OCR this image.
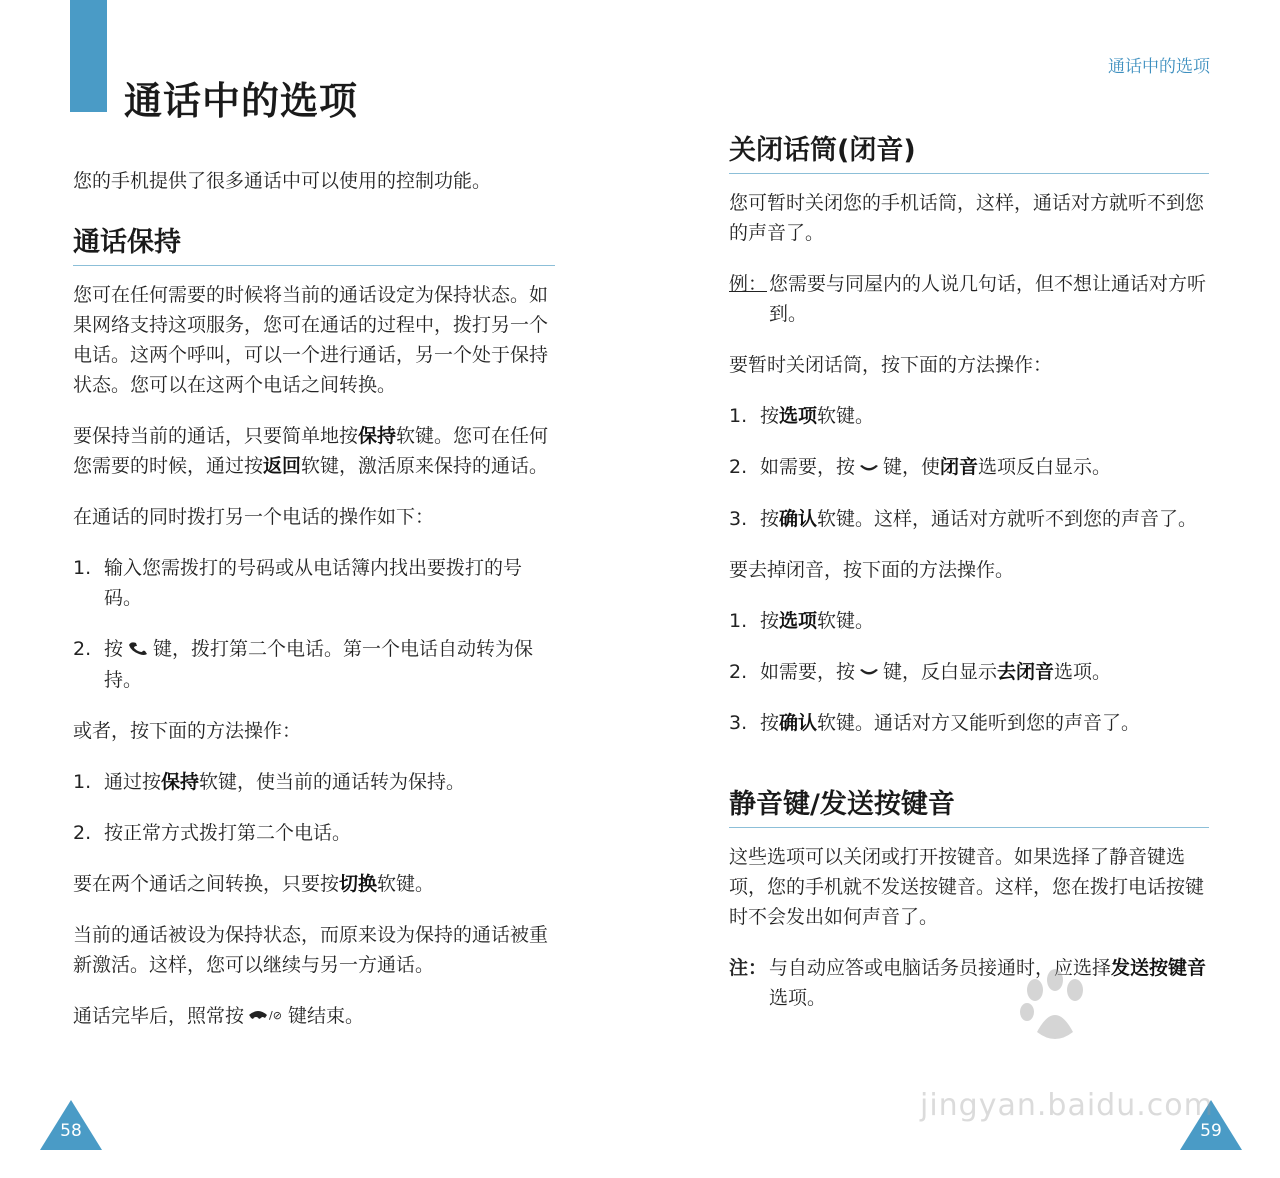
通话中的选项
您的手机提供了很多通话中可以使用的控制功能。
通话保持
您可在任何需要的时候将当前的通话设定为保持状态。如果网络支持这项服务，您可在通话的过程中，拨打另一个电话。这两个呼叫，可以一个进行通话，另一个处于保持状态。您可以在这两个电话之间转换。
要保持当前的通话，只要简单地按保持软键。您可在任何您需要的时候，通过按返回软键，激活原来保持的通话。
在通话的同时拨打另一个电话的操作如下：
1. 输入您需拨打的号码或从电话簿内找出要拨打的号码。
2. 按 键，拨打第二个电话。第一个电话自动转为保持。
或者，按下面的方法操作：
1. 通过按保持软键，使当前的通话转为保持。
2. 按正常方式拨打第二个电话。
要在两个通话之间转换，只要按切换软键。
当前的通话被设为保持状态，而原来设为保持的通话被重新激活。这样，您可以继续与另一方通话。
通话完毕后，照常按 /⊘ 键结束。
58
通话中的选项
关闭话筒(闭音)
您可暂时关闭您的手机话筒，这样，通话对方就听不到您的声音了。
例： 您需要与同屋内的人说几句话，但不想让通话对方听到。
要暂时关闭话筒，按下面的方法操作：
1. 按选项软键。
2. 如需要，按 键，使闭音选项反白显示。
3. 按确认软键。这样，通话对方就听不到您的声音了。
要去掉闭音，按下面的方法操作。
1. 按选项软键。
2. 如需要，按 键，反白显示去闭音选项。
3. 按确认软键。通话对方又能听到您的声音了。
静音键/发送按键音
这些选项可以关闭或打开按键音。如果选择了静音键选项，您的手机就不发送按键音。这样，您在拨打电话按键时不会发出如何声音了。
注： 与自动应答或电脑话务员接通时，应选择发送按键音选项。
59
jingyan.baidu.com
